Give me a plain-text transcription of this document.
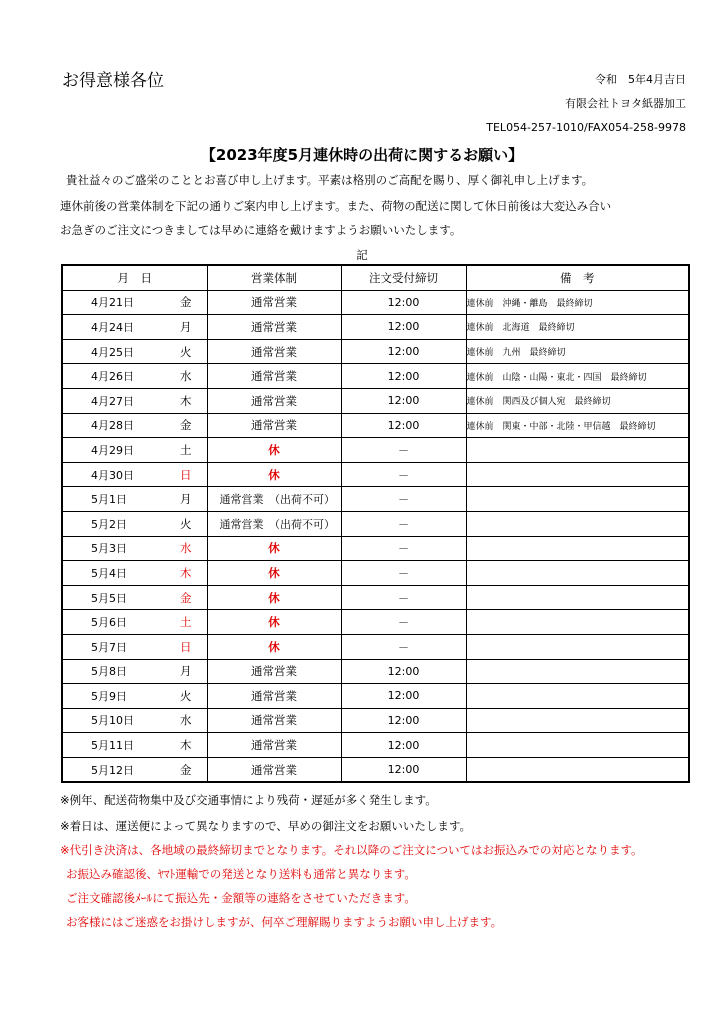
お得意様各位	令和　5年4月吉日
有限会社トヨタ紙器加工
TEL054-257-1010/FAX054-258-9978
【2023年度5月連休時の出荷に関するお願い】
貴社益々のご盛栄のこととお喜び申し上げます。平素は格別のご高配を賜り、厚く御礼申し上げます。
連休前後の営業体制を下記の通りご案内申し上げます。また、荷物の配送に関して休日前後は大変込み合い
お急ぎのご注文につきましては早めに連絡を戴けますようお願いいたします。
記
月　日	営業体制	注文受付締切	備　考

4月21日 金	通常営業	12:00	連休前　沖縄・離島　最終締切

4月24日 月	通常営業	12:00	連休前　北海道　最終締切

4月25日 火	通常営業	12:00	連休前　九州　最終締切

4月26日 水	通常営業	12:00	連休前　山陰・山陽・東北・四国　最終締切

4月27日 木	通常営業	12:00	連休前　関西及び個人宛　最終締切

4月28日 金	通常営業	12:00	連休前　関東・中部・北陸・甲信越　最終締切

4月29日 土	休	－	

4月30日 日	休	－	

5月1日 月	通常営業　（出荷不可）	－	

5月2日 火	通常営業　（出荷不可）	－	

5月3日 水	休	－	

5月4日 木	休	－	

5月5日 金	休	－	

5月6日 土	休	－	

5月7日 日	休	－	

5月8日 月	通常営業	12:00	

5月9日 火	通常営業	12:00	

5月10日 水	通常営業	12:00	

5月11日 木	通常営業	12:00	

5月12日 金	通常営業	12:00	
※例年、配送荷物集中及び交通事情により残荷・遅延が多く発生します。
※着日は、運送便によって異なりますので、早めの御注文をお願いいたします。
※代引き決済は、各地域の最終締切までとなります。それ以降のご注文についてはお振込みでの対応となります。
お振込み確認後、ﾔﾏﾄ運輸での発送となり送料も通常と異なります。
ご注文確認後ﾒｰﾙにて振込先・金額等の連絡をさせていただきます。
お客様にはご迷惑をお掛けしますが、何卒ご理解賜りますようお願い申し上げます。
